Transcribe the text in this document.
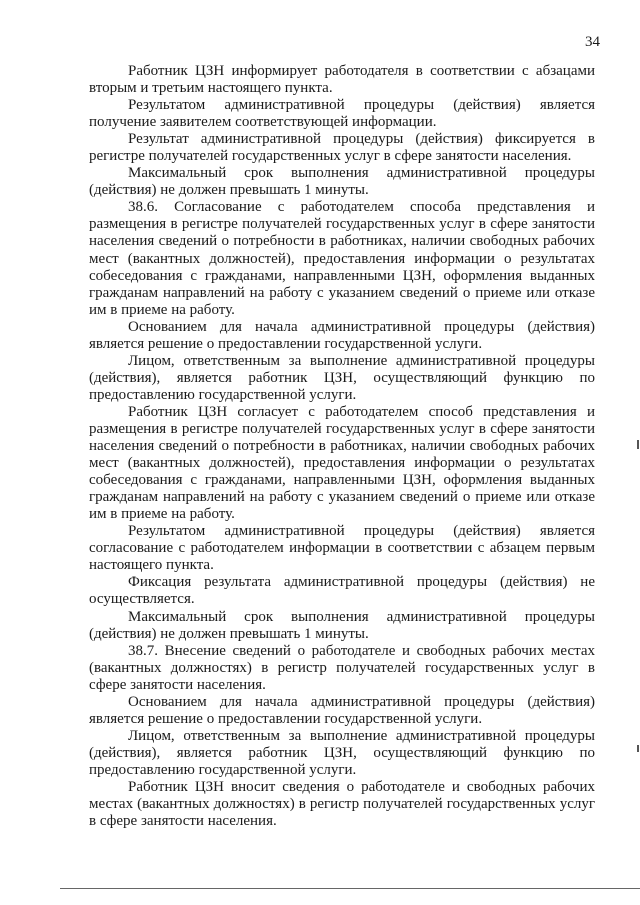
34

Работник ЦЗН информирует работодателя в соответствии с абзацами вторым и третьим настоящего пункта.

Результатом административной процедуры (действия) является получение заявителем соответствующей информации.

Результат административной процедуры (действия) фиксируется в регистре получателей государственных услуг в сфере занятости населения.

Максимальный срок выполнения административной процедуры (действия) не должен превышать 1 минуты.

38.6. Согласование с работодателем способа представления и размещения в регистре получателей государственных услуг в сфере занятости населения сведений о потребности в работниках, наличии свободных рабочих мест (вакантных должностей), предоставления информации о результатах собеседования с гражданами, направленными ЦЗН, оформления выданных гражданам направлений на работу с указанием сведений о приеме или отказе им в приеме на работу.

Основанием для начала административной процедуры (действия) является решение о предоставлении государственной услуги.

Лицом, ответственным за выполнение административной процедуры (действия), является работник ЦЗН, осуществляющий функцию по предоставлению государственной услуги.

Работник ЦЗН согласует с работодателем способ представления и размещения в регистре получателей государственных услуг в сфере занятости населения сведений о потребности в работниках, наличии свободных рабочих мест (вакантных должностей), предоставления информации о результатах собеседования с гражданами, направленными ЦЗН, оформления выданных гражданам направлений на работу с указанием сведений о приеме или отказе им в приеме на работу.

Результатом административной процедуры (действия) является согласование с работодателем информации в соответствии с абзацем первым настоящего пункта.

Фиксация результата административной процедуры (действия) не осуществляется.

Максимальный срок выполнения административной процедуры (действия) не должен превышать 1 минуты.

38.7. Внесение сведений о работодателе и свободных рабочих местах (вакантных должностях) в регистр получателей государственных услуг в сфере занятости населения.

Основанием для начала административной процедуры (действия) является решение о предоставлении государственной услуги.

Лицом, ответственным за выполнение административной процедуры (действия), является работник ЦЗН, осуществляющий функцию по предоставлению государственной услуги.

Работник ЦЗН вносит сведения о работодателе и свободных рабочих местах (вакантных должностях) в регистр получателей государственных услуг в сфере занятости населения.
